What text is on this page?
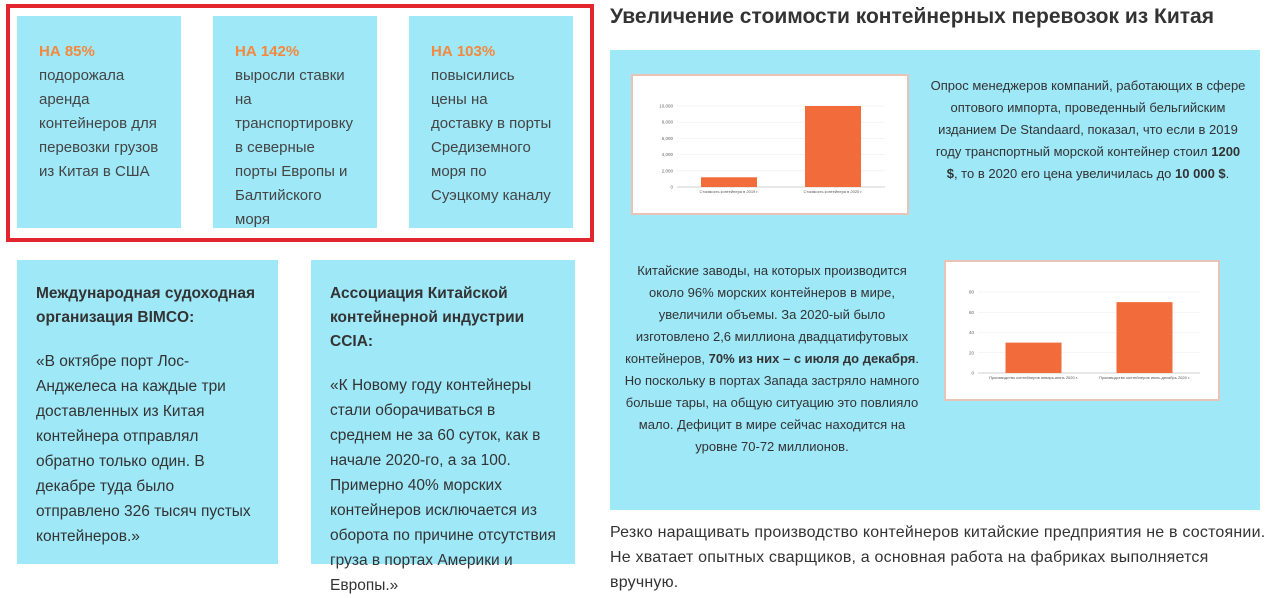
НА 85%
подорожала аренда контейнеров для перевозки грузов из Китая в США
НА 142%
выросли ставки на транспортировку в северные порты Европы и Балтийского моря
НА 103%
повысились цены на доставку в порты Средиземного моря по Суэцкому каналу
Международная судоходная организация BIMCO:
«В октябре порт Лос-Анджелеса на каждые три доставленных из Китая контейнера отправлял обратно только один. В декабре туда было отправлено 326 тысяч пустых контейнеров.»
Ассоциация Китайской контейнерной индустрии CCIA:
«К Новому году контейнеры стали оборачиваться в среднем не за 60 суток, как в начале 2020-го, а за 100. Примерно 40% морских контейнеров исключается из оборота по причине отсутствия груза в портах Америки и Европы.»
Увеличение стоимости контейнерных перевозок из Китая
10,000
8,000
6,000
4,000
2,000
0
Стоимость контейнера в 2019 г.	Стоимость контейнера в 2020 г.
Опрос менеджеров компаний, работающих в сфере оптового импорта, проведенный бельгийским изданием De Standaard, показал, что если в 2019 году транспортный морской контейнер стоил 1200 $, то в 2020 его цена увеличилась до 10 000 $.
Китайские заводы, на которых производится около 96% морских контейнеров в мире, увеличили объемы. За 2020-ый было изготовлено 2,6 миллиона двадцатифутовых контейнеров, 70% из них – с июля до декабря. Но поскольку в портах Запада застряло намного больше тары, на общую ситуацию это повлияло мало. Дефицит в мире сейчас находится на уровне 70-72 миллионов.
80
60
40
20
0
Производство контейнеров январь-июнь 2020 г.	Производство контейнеров июль-декабрь 2020 г.
Резко наращивать производство контейнеров китайские предприятия не в состоянии. Не хватает опытных сварщиков, а основная работа на фабриках выполняется вручную.
